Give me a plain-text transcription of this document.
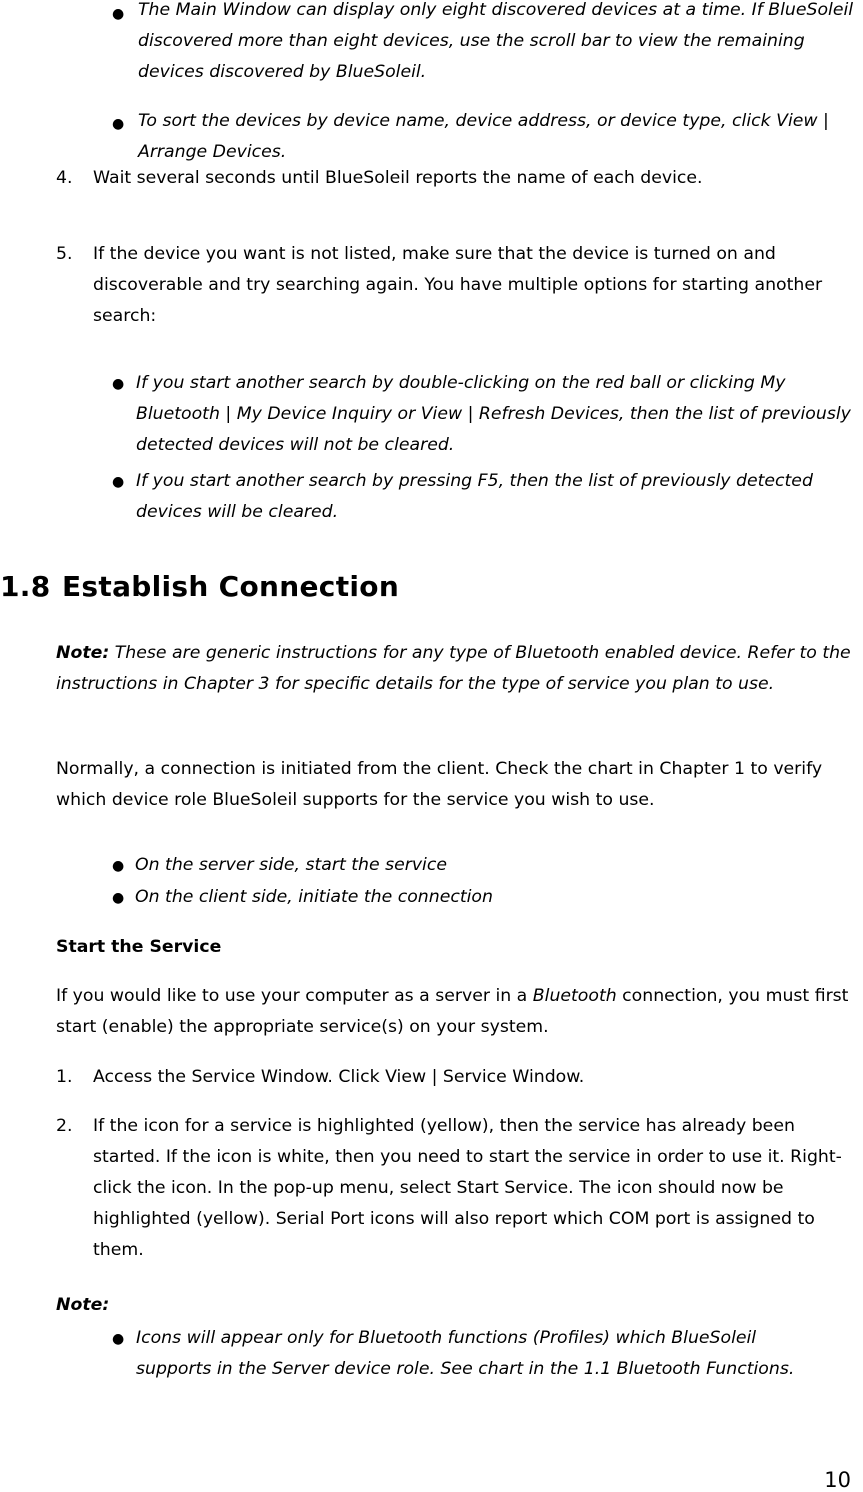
● The Main Window can display only eight discovered devices at a time. If BlueSoleil discovered more than eight devices, use the scroll bar to view the remaining devices discovered by BlueSoleil.

● To sort the devices by device name, device address, or device type, click View | Arrange Devices.

4. Wait several seconds until BlueSoleil reports the name of each device.

5. If the device you want is not listed, make sure that the device is turned on and discoverable and try searching again. You have multiple options for starting another search:

● If you start another search by double-clicking on the red ball or clicking My Bluetooth | My Device Inquiry or View | Refresh Devices, then the list of previously detected devices will not be cleared.

● If you start another search by pressing F5, then the list of previously detected devices will be cleared.

1.8 Establish Connection

Note: These are generic instructions for any type of Bluetooth enabled device. Refer to the instructions in Chapter 3 for specific details for the type of service you plan to use.

Normally, a connection is initiated from the client. Check the chart in Chapter 1 to verify which device role BlueSoleil supports for the service you wish to use.

● On the server side, start the service

● On the client side, initiate the connection

Start the Service

If you would like to use your computer as a server in a Bluetooth connection, you must first start (enable) the appropriate service(s) on your system.

1. Access the Service Window. Click View | Service Window.

2. If the icon for a service is highlighted (yellow), then the service has already been started. If the icon is white, then you need to start the service in order to use it. Right-click the icon. In the pop-up menu, select Start Service. The icon should now be highlighted (yellow). Serial Port icons will also report which COM port is assigned to them.

Note:

● Icons will appear only for Bluetooth functions (Profiles) which BlueSoleil supports in the Server device role. See chart in the 1.1 Bluetooth Functions.

10
